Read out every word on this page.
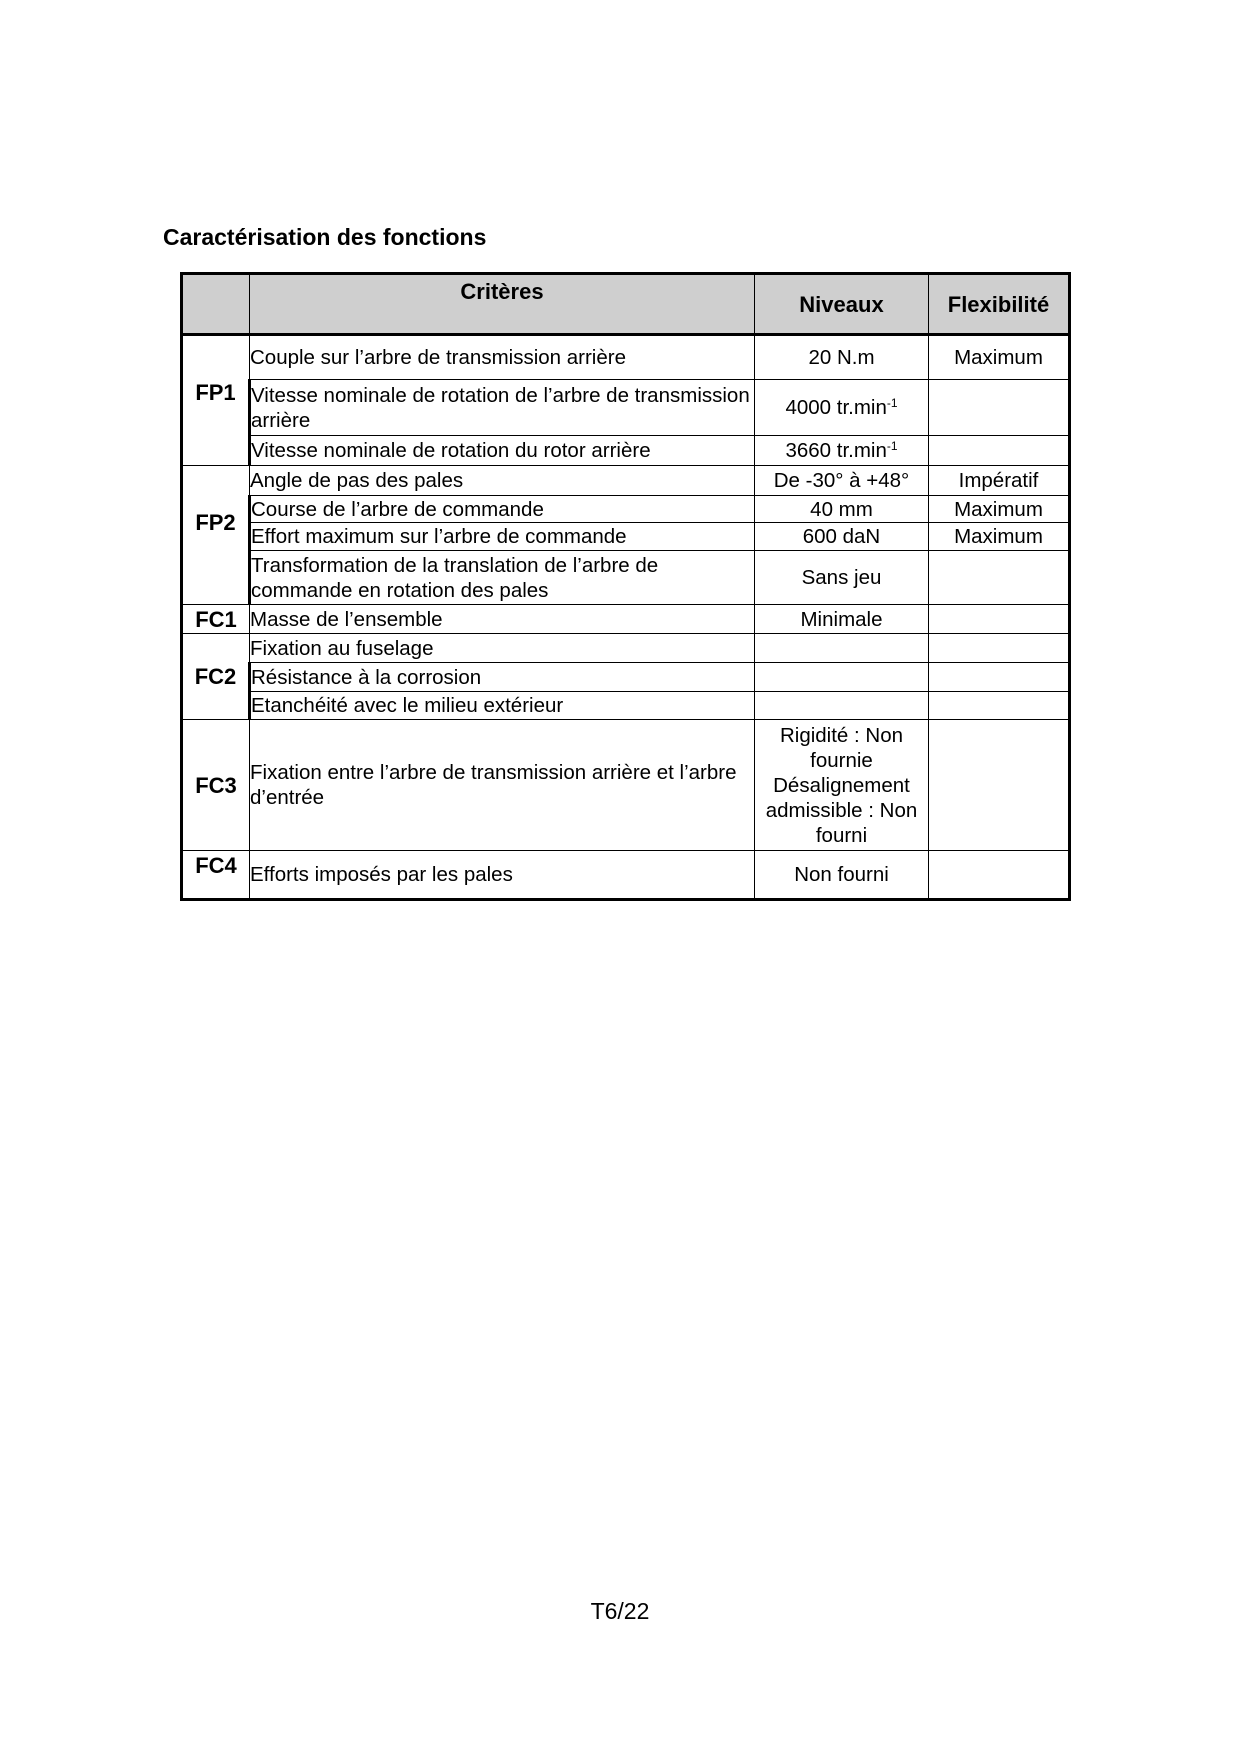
Caractérisation des fonctions
	Critères	Niveaux	Flexibilité
FP1	Couple sur l’arbre de transmission arrière	20 N.m	Maximum
	Vitesse nominale de rotation de l’arbre de transmission arrière	4000 $tr.\min^{-1}$	
	Vitesse nominale de rotation du rotor arrière	3660 $tr.\min^{-1}$	
FP2	Angle de pas des pales	De -30° à +48°	Impératif
	Course de l’arbre de commande	40 mm	Maximum
	Effort maximum sur l’arbre de commande	600 daN	Maximum
	Transformation de la translation de l’arbre de commande en rotation des pales	Sans jeu	
FC1	Masse de l’ensemble	Minimale	
FC2	Fixation au fuselage		
	Résistance à la corrosion		
	Etanchéité avec le milieu extérieur		
FC3	Fixation entre l’arbre de transmission arrière et l’arbre d’entrée	Rigidité : Non fournie Désalignement admissible : Non fourni	
FC4	Efforts imposés par les pales	Non fourni	
T6/22
